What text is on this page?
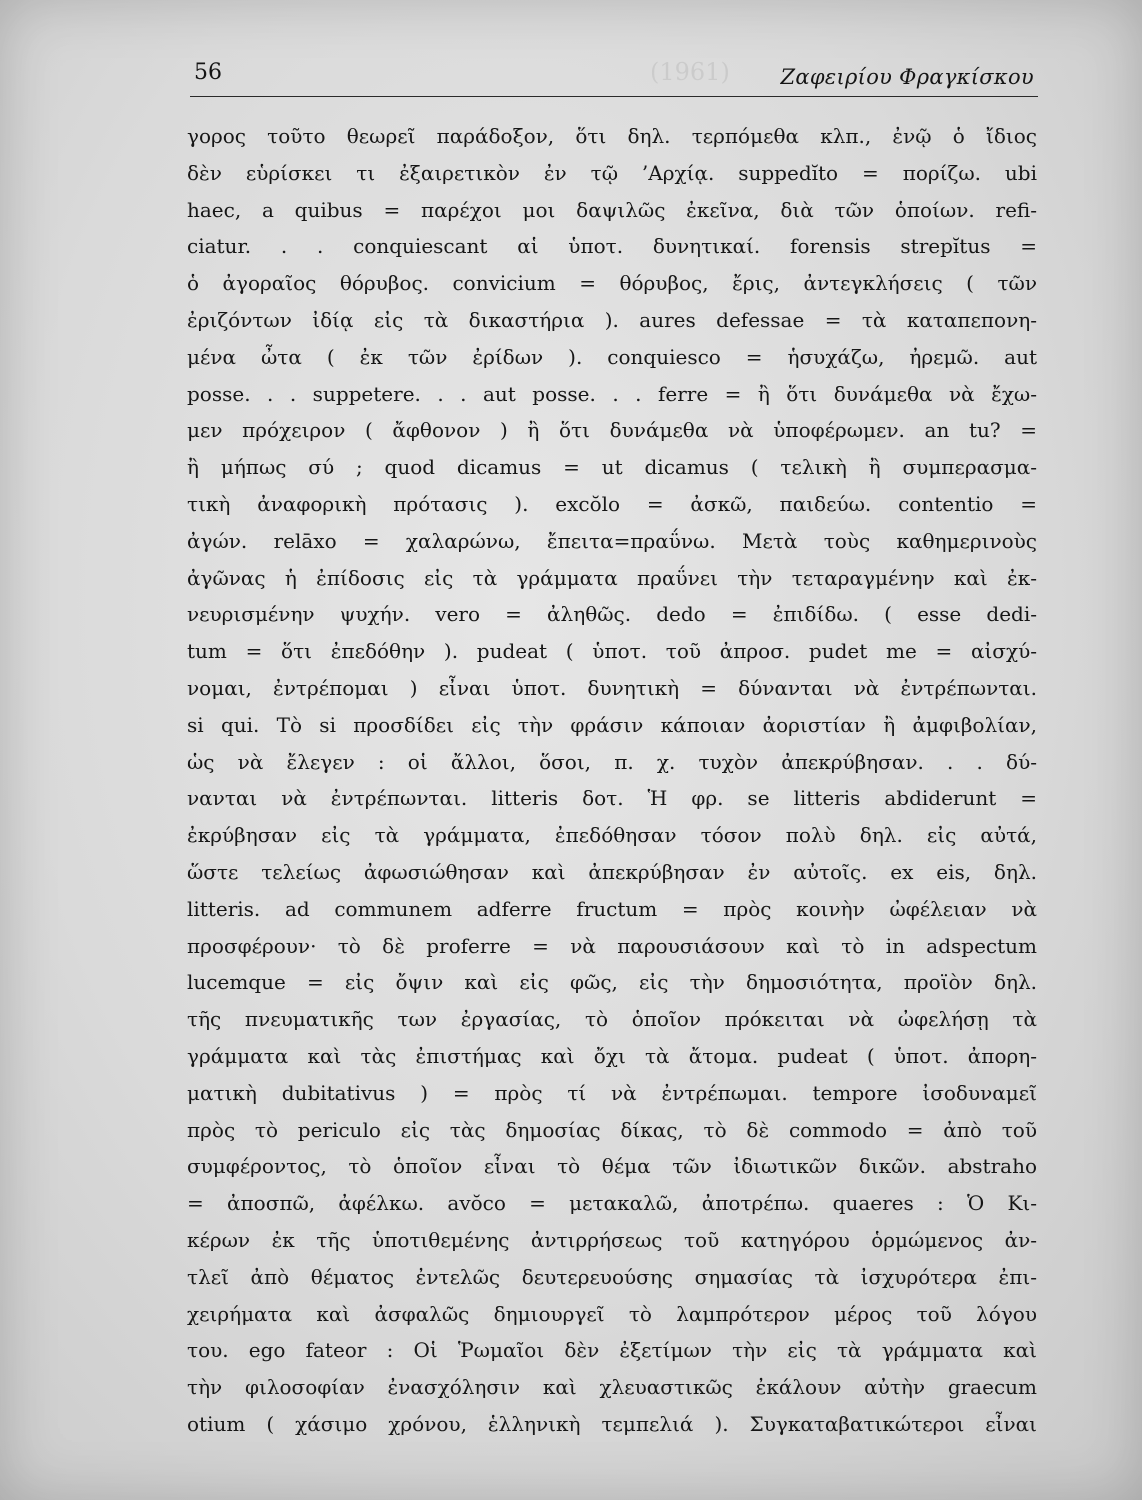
(1961)
56	Ζαφειρίου Φραγκίσκου
γορος τοῦτο θεωρεῖ παράδοξον, ὅτι δηλ. τερπόμεθα κλπ., ἐνῷ ὁ ἴδιος
δὲν εὑρίσκει τι ἐξαιρετικὸν ἐν τῷ ’Αρχίᾳ. suppedĭto = πορίζω. ubi
haec, a quibus = παρέχοι μοι δαψιλῶς ἐκεῖνα, διὰ τῶν ὁποίων. refi-
ciatur. . . conquiescant αἱ ὑποτ. δυνητικαί. forensis strepĭtus =
ὁ ἀγοραῖος θόρυβος. convicium = θόρυβος, ἔρις, ἀντεγκλήσεις ( τῶν
ἐριζόντων ἰδίᾳ εἰς τὰ δικαστήρια ). aures defessae = τὰ καταπεπονη-
μένα ὦτα ( ἐκ τῶν ἐρίδων ). conquiesco = ἡσυχάζω, ἠρεμῶ. aut
posse. . . suppetere. . . aut posse. . . ferre = ἢ ὅτι δυνάμεθα νὰ ἔχω-
μεν πρόχειρον ( ἄφθονον ) ἢ ὅτι δυνάμεθα νὰ ὑποφέρωμεν. an tu? =
ἢ μήπως σύ ; quod dicamus = ut dicamus ( τελικὴ ἢ συμπερασμα-
τικὴ ἀναφορικὴ πρότασις ). excŏlo = ἀσκῶ, παιδεύω. contentio =
ἀγών. relāxo = χαλαρώνω, ἔπειτα=πραΰνω. Μετὰ τοὺς καθημερινοὺς
ἀγῶνας ἡ ἐπίδοσις εἰς τὰ γράμματα πραΰνει τὴν τεταραγμένην καὶ ἐκ-
νευρισμένην ψυχήν. vero = ἀληθῶς. dedo = ἐπιδίδω. ( esse dedi-
tum = ὅτι ἐπεδόθην ). pudeat ( ὑποτ. τοῦ ἀπροσ. pudet me = αἰσχύ-
νομαι, ἐντρέπομαι ) εἶναι ὑποτ. δυνητικὴ = δύνανται νὰ ἐντρέπωνται.
si qui. Τὸ si προσδίδει εἰς τὴν φράσιν κάποιαν ἀοριστίαν ἢ ἀμφιβολίαν,
ὡς νὰ ἔλεγεν : οἱ ἄλλοι, ὅσοι, π. χ. τυχὸν ἀπεκρύβησαν. . . δύ-
νανται νὰ ἐντρέπωνται. litteris δοτ. Ἡ φρ. se litteris abdiderunt =
ἐκρύβησαν εἰς τὰ γράμματα, ἐπεδόθησαν τόσον πολὺ δηλ. εἰς αὐτά,
ὥστε τελείως ἀφωσιώθησαν καὶ ἀπεκρύβησαν ἐν αὐτοῖς. ex eis, δηλ.
litteris. ad communem adferre fructum = πρὸς κοινὴν ὠφέλειαν νὰ
προσφέρουν· τὸ δὲ proferre = νὰ παρουσιάσουν καὶ τὸ in adspectum
lucemque = εἰς ὄψιν καὶ εἰς φῶς, εἰς τὴν δημοσιότητα, προϊὸν δηλ.
τῆς πνευματικῆς των ἐργασίας, τὸ ὁποῖον πρόκειται νὰ ὠφελήσῃ τὰ
γράμματα καὶ τὰς ἐπιστήμας καὶ ὄχι τὰ ἄτομα. pudeat ( ὑποτ. ἀπορη-
ματικὴ dubitativus ) = πρὸς τί νὰ ἐντρέπωμαι. tempore ἰσοδυναμεῖ
πρὸς τὸ periculo εἰς τὰς δημοσίας δίκας, τὸ δὲ commodo = ἀπὸ τοῦ
συμφέροντος, τὸ ὁποῖον εἶναι τὸ θέμα τῶν ἰδιωτικῶν δικῶν. abstraho
= ἀποσπῶ, ἀφέλκω. avŏco = μετακαλῶ, ἀποτρέπω. quaeres : Ὁ Κι-
κέρων ἐκ τῆς ὑποτιθεμένης ἀντιρρήσεως τοῦ κατηγόρου ὁρμώμενος ἀν-
τλεῖ ἀπὸ θέματος ἐντελῶς δευτερευούσης σημασίας τὰ ἰσχυρότερα ἐπι-
χειρήματα καὶ ἀσφαλῶς δημιουργεῖ τὸ λαμπρότερον μέρος τοῦ λόγου
του. ego fateor : Οἱ Ῥωμαῖοι δὲν ἐξετίμων τὴν εἰς τὰ γράμματα καὶ
τὴν φιλοσοφίαν ἐνασχόλησιν καὶ χλευαστικῶς ἐκάλουν αὐτὴν graecum
otium ( χάσιμο χρόνου, ἑλληνικὴ τεμπελιά ). Συγκαταβατικώτεροι εἶναι
